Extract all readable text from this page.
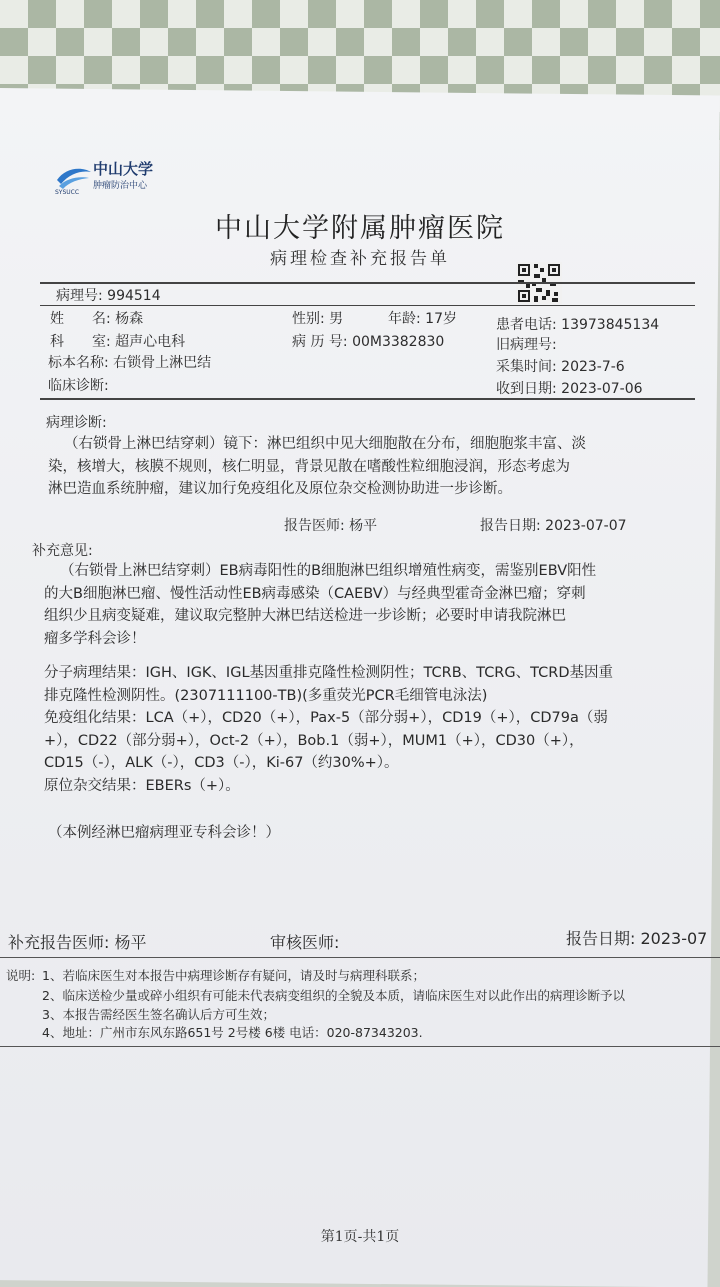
中山大学
肿瘤防治中心
SYSUCC
中山大学附属肿瘤医院
病理检查补充报告单
病理号: 994514
姓　　名: 杨森	性别: 男	年龄: 17岁	患者电话: 13973845134
科　　室: 超声心电科	病 历 号: 00M3382830	旧病理号:
标本名称: 右锁骨上淋巴结	采集时间: 2023-7-6
临床诊断:	收到日期: 2023-07-06
病理诊断:
（右锁骨上淋巴结穿刺）镜下：淋巴组织中见大细胞散在分布，细胞胞浆丰富、淡
染，核增大，核膜不规则，核仁明显，背景见散在嗜酸性粒细胞浸润，形态考虑为
淋巴造血系统肿瘤，建议加行免疫组化及原位杂交检测协助进一步诊断。
报告医师: 杨平	报告日期: 2023-07-07
补充意见:
（右锁骨上淋巴结穿刺）EB病毒阳性的B细胞淋巴组织增殖性病变，需鉴别EBV阳性
的大B细胞淋巴瘤、慢性活动性EB病毒感染（CAEBV）与经典型霍奇金淋巴瘤；穿刺
组织少且病变疑难，建议取完整肿大淋巴结送检进一步诊断；必要时申请我院淋巴
瘤多学科会诊！
分子病理结果：IGH、IGK、IGL基因重排克隆性检测阴性；TCRB、TCRG、TCRD基因重
排克隆性检测阴性。(2307111100-TB)(多重荧光PCR毛细管电泳法)
免疫组化结果：LCA（+），CD20（+），Pax-5（部分弱+），CD19（+），CD79a（弱
+），CD22（部分弱+），Oct-2（+），Bob.1（弱+），MUM1（+），CD30（+），
CD15（-），ALK（-），CD3（-），Ki-67（约30%+）。
原位杂交结果：EBERs（+）。
（本例经淋巴瘤病理亚专科会诊！）
补充报告医师: 杨平	审核医师:	报告日期: 2023-07
说明: 1、若临床医生对本报告中病理诊断存有疑问，请及时与病理科联系；
2、临床送检少量或碎小组织有可能未代表病变组织的全貌及本质，请临床医生对以此作出的病理诊断予以
3、本报告需经医生签名确认后方可生效；
4、地址：广州市东风东路651号 2号楼 6楼 电话：020-87343203.
第1页-共1页
